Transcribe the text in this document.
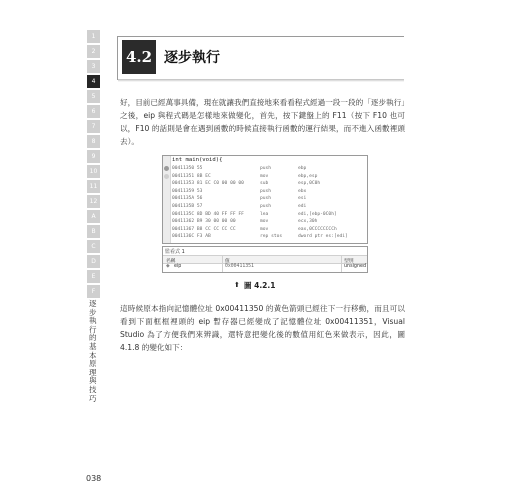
1
2
3
4
5
6
7
8
9
10
11
12
A
B
C
D
E
F
逐步執行的基本原理與技巧
038
4.2 逐步執行
好，目前已經萬事具備，現在就讓我們直接地來看看程式經過一段一段的「逐步執行」之後，eip 與程式碼是怎樣地來做變化，首先，按下鍵盤上的 F11（按下 F10 也可以，F10 的話則是會在遇到函數的時候直接執行函數的運行結果，而不進入函數裡頭去）。
int main(void){
00411350 55	push	ebp
00411351 8B EC	mov	ebp,esp
00411353 81 EC C0 00 00 00	sub	esp,0C0h
00411359 53	push	ebx
0041135A 56	push	esi
0041135B 57	push	edi
0041135C 8D BD 40 FF FF FF	lea	edi,[ebp-0C0h]
00411362 B9 30 00 00 00	mov	ecx,30h
00411367 B8 CC CC CC CC	mov	eax,0CCCCCCCCh
0041136C F3 AB	rep stos	dword ptr es:[edi]
監看式 1
名稱	值	型別
◆ eip	0x00411351	unsigned
⬆ 圖 4.2.1
這時候原本指向記憶體位址 0x00411350 的黃色箭頭已經往下一行移動，而且可以看到下面框框裡頭的 eip 暫存器已經變成了記憶體位址 0x00411351，Visual Studio 為了方便我們來辨識，還特意把變化後的數值用紅色來做表示，因此，圖 4.1.8 的變化如下：
